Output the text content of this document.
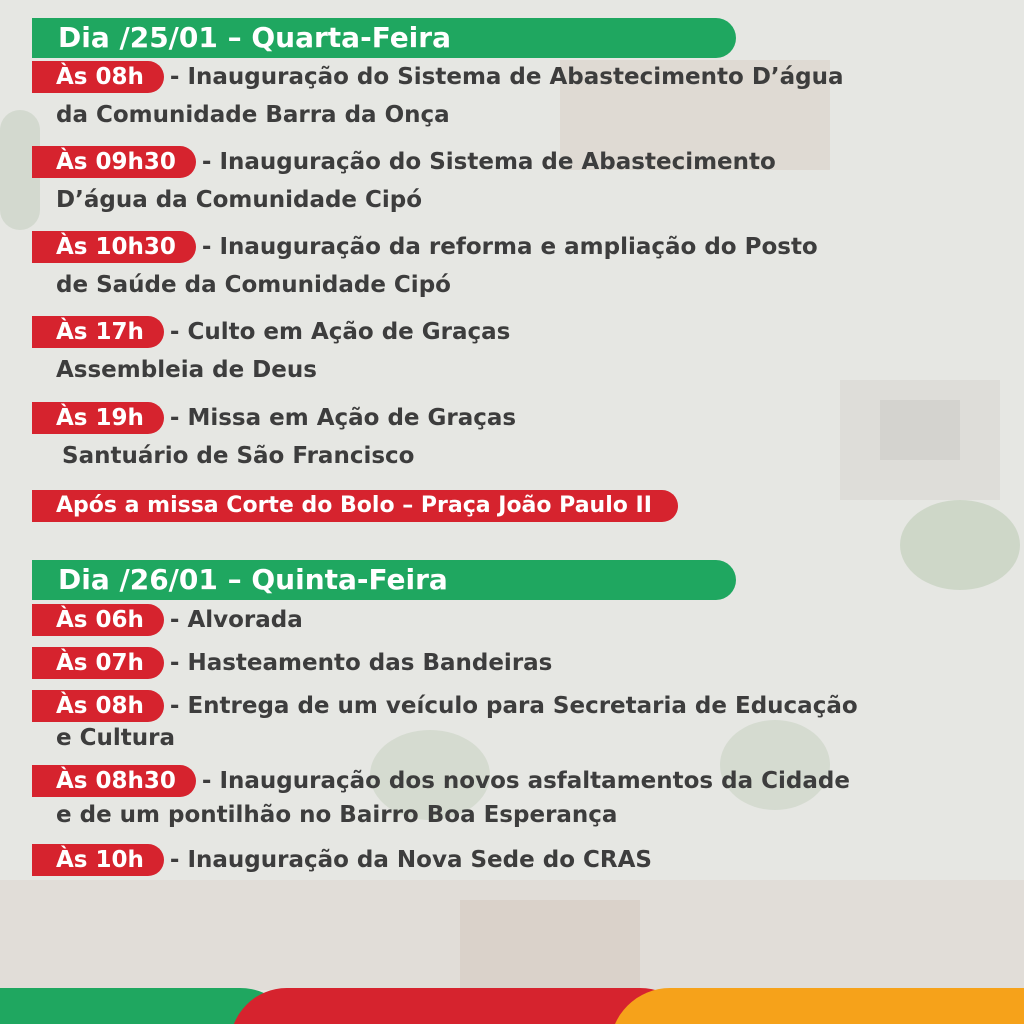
Dia /25/01 – Quarta-Feira
Às 08h - Inauguração do Sistema de Abastecimento D’água
da Comunidade Barra da Onça
Às 09h30 - Inauguração do Sistema de Abastecimento
D’água da Comunidade Cipó
Às 10h30 - Inauguração da reforma e ampliação do Posto
de Saúde da Comunidade Cipó
Às 17h - Culto em Ação de Graças
Assembleia de Deus
Às 19h - Missa em Ação de Graças
Santuário de São Francisco
Após a missa Corte do Bolo – Praça João Paulo II
Dia /26/01 – Quinta-Feira
Às 06h - Alvorada
Às 07h - Hasteamento das Bandeiras
Às 08h - Entrega de um veículo para Secretaria de Educação
e Cultura
Às 08h30 - Inauguração dos novos asfaltamentos da Cidade
e de um pontilhão no Bairro Boa Esperança
Às 10h - Inauguração da Nova Sede do CRAS
